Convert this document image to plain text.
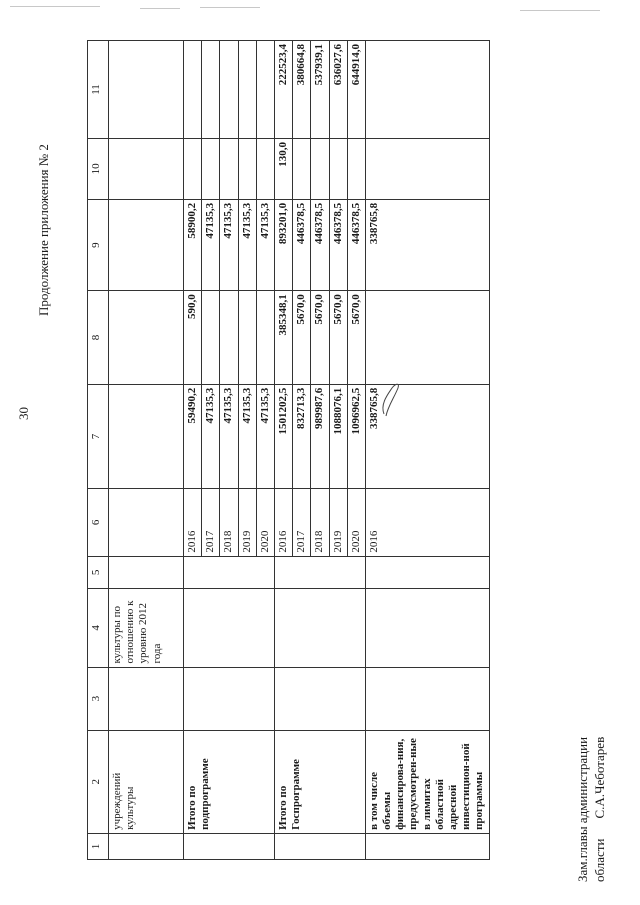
30
Продолжение приложения № 2
1	2	3	4	5	6	7	8	9	10	11
	учреждений культуры		культуры по отношению к уровню 2012 года							
	Итого по подпрограмме				2016	59490,2	590,0	58900,2		
					2017	47135,3		47135,3		
					2018	47135,3		47135,3		
					2019	47135,3		47135,3		
					2020	47135,3		47135,3		
	Итого по Госпрограмме				2016	1501202,5	385348,1	893201,0	130,0	222523,4
					2017	832713,3	5670,0	446378,5		380664,8
					2018	989987,6	5670,0	446378,5		537939,1
					2019	1088076,1	5670,0	446378,5		636027,6
					2020	1096962,5	5670,0	446378,5		644914,0
	в том числе объемы финансирова-ния, предусмотрен-ные в лимитах областной адресной инвестицион-ной программы				2016	338765,8		338765,8		
Зам.главы администрации областиС.А.Чеботарев
